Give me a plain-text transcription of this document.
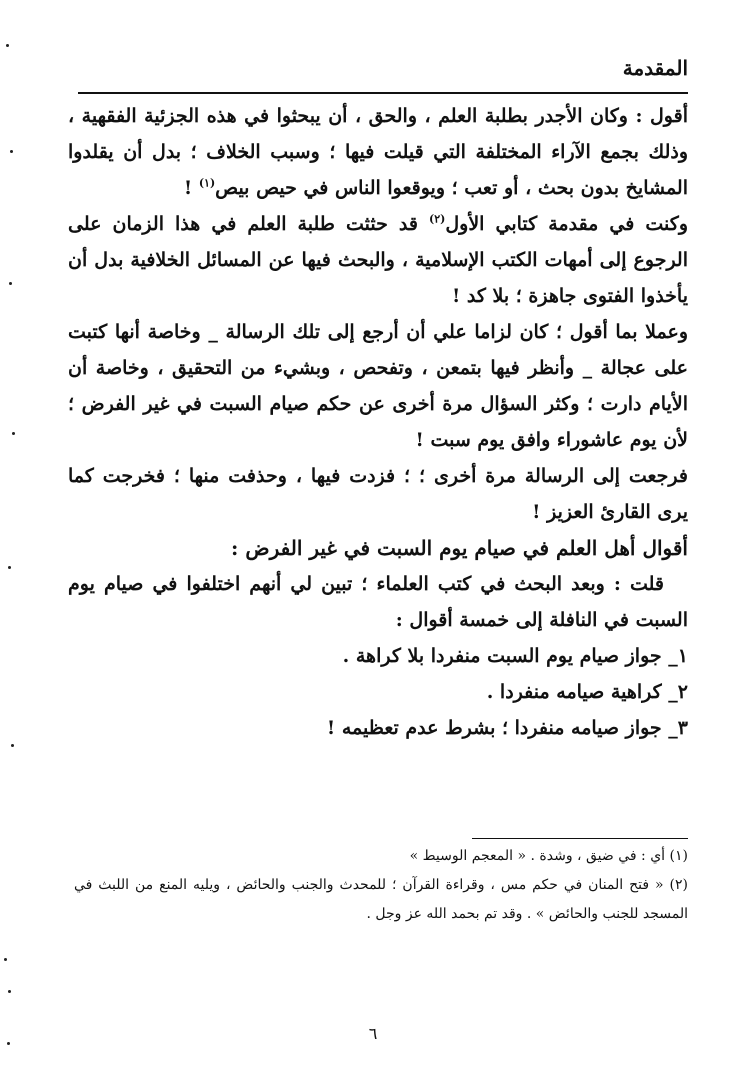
المقدمة

أقول : وكان الأجدر بطلبة العلم ، والحق ، أن يبحثوا في هذه الجزئية الفقهية ، وذلك بجمع الآراء المختلفة التي قيلت فيها ؛ وسبب الخلاف ؛ بدل أن يقلدوا المشايخ بدون بحث ، أو تعب ؛ ويوقعوا الناس في حيص بيص$^{(١)}$ !

وكنت في مقدمة كتابي الأول$^{(٢)}$ قد حثثت طلبة العلم في هذا الزمان على الرجوع إلى أمهات الكتب الإسلامية ، والبحث فيها عن المسائل الخلافية بدل أن يأخذوا الفتوى جاهزة ؛ بلا كد !

وعملا بما أقول ؛ كان لزاما علي أن أرجع إلى تلك الرسالة _ وخاصة أنها كتبت على عجالة _ وأنظر فيها بتمعن ، وتفحص ، وبشيء من التحقيق ، وخاصة أن الأيام دارت ؛ وكثر السؤال مرة أخرى عن حكم صيام السبت في غير الفرض ؛ لأن يوم عاشوراء وافق يوم سبت !

فرجعت إلى الرسالة مرة أخرى ؛ ؛ فزدت فيها ، وحذفت منها ؛ فخرجت كما يرى القارئ العزيز !

أقوال أهل العلم في صيام يوم السبت في غير الفرض :

قلت : وبعد البحث في كتب العلماء ؛ تبين لي أنهم اختلفوا في صيام يوم السبت في النافلة إلى خمسة أقوال :

١_ جواز صيام يوم السبت منفردا بلا كراهة .

٢_ كراهية صيامه منفردا .

٣_ جواز صيامه منفردا ؛ بشرط عدم تعظيمه !

(١) أي : في ضيق ، وشدة . « المعجم الوسيط »

(٢) « فتح المنان في حكم مس ، وقراءة القرآن ؛ للمحدث والجنب والحائض ، ويليه المنع من اللبث في المسجد للجنب والحائض » . وقد تم بحمد الله عز وجل .

٦
